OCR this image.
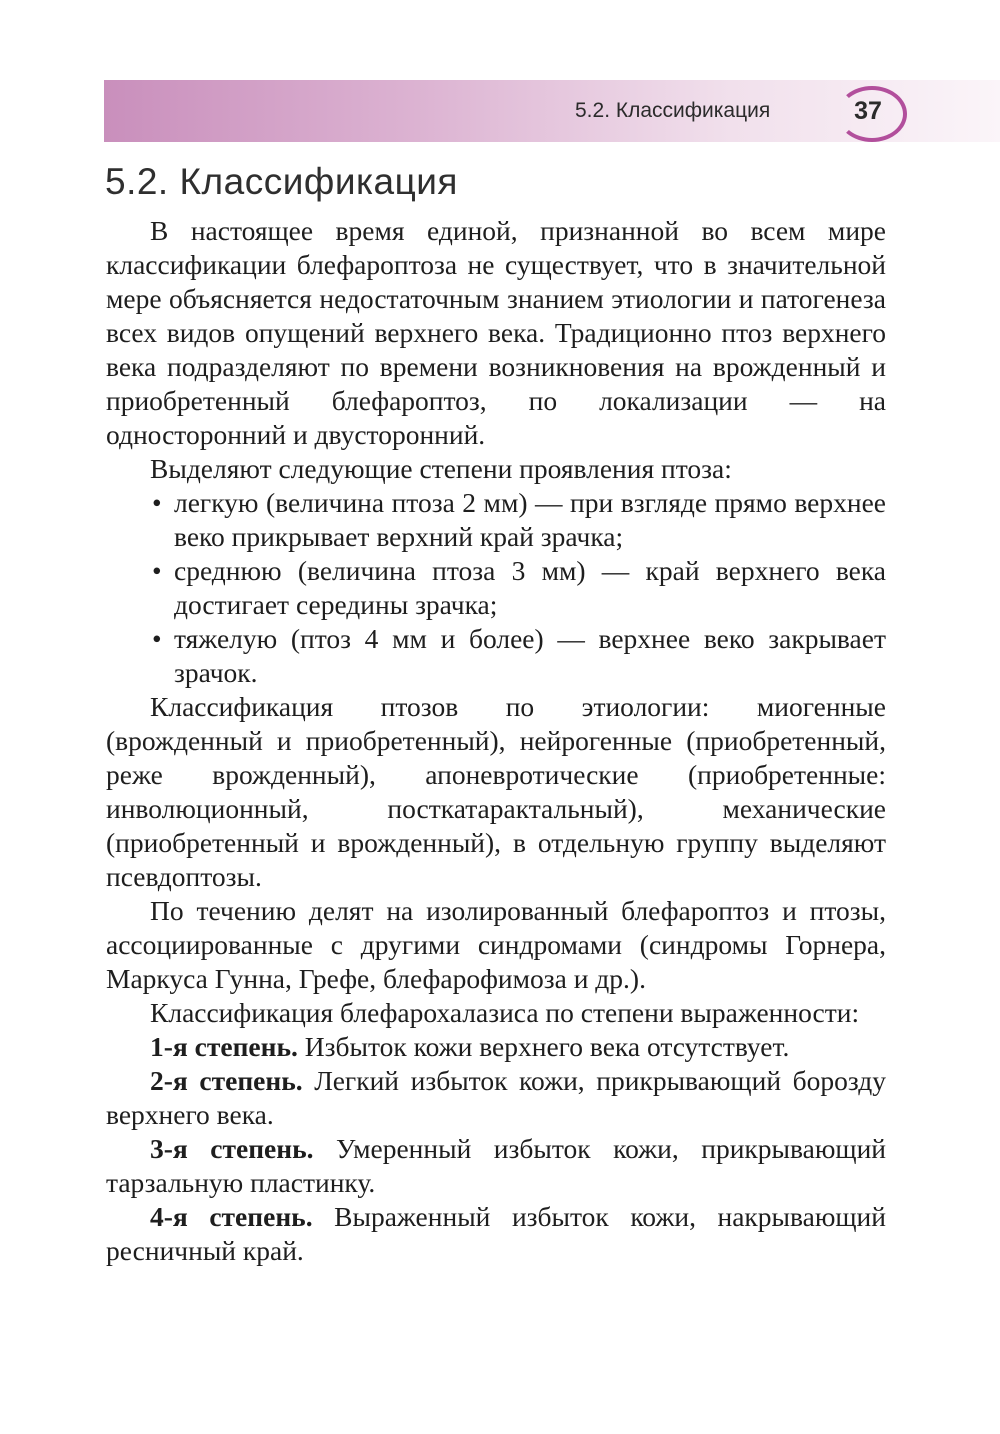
5.2. Классификация	37
5.2. Классификация

В настоящее время единой, признанной во всем мире классификации блефароптоза не существует, что в значительной мере объясняется недостаточным знанием этиологии и патогенеза всех видов опущений верхнего века. Традиционно птоз верхнего века подразделяют по времени возникновения на врожденный и приобретенный блефароптоз, по локализации — на односторонний и двусторонний.

Выделяют следующие степени проявления птоза:

• легкую (величина птоза 2 мм) — при взгляде прямо верхнее веко прикрывает верхний край зрачка;
• среднюю (величина птоза 3 мм) — край верхнего века достигает середины зрачка;
• тяжелую (птоз 4 мм и более) — верхнее веко закрывает зрачок.

Классификация птозов по этиологии: миогенные (врожденный и приобретенный), нейрогенные (приобретенный, реже врожденный), апоневротические (приобретенные: инволюционный, посткатарактальный), механические (приобретенный и врожденный), в отдельную группу выделяют псевдоптозы.

По течению делят на изолированный блефароптоз и птозы, ассоциированные с другими синдромами (синдромы Горнера, Маркуса Гунна, Грефе, блефарофимоза и др.).

Классификация блефарохалазиса по степени выраженности:

1-я степень. Избыток кожи верхнего века отсутствует.

2-я степень. Легкий избыток кожи, прикрывающий борозду верхнего века.

3-я степень. Умеренный избыток кожи, прикрывающий тарзальную пластинку.

4-я степень. Выраженный избыток кожи, накрывающий ресничный край.
